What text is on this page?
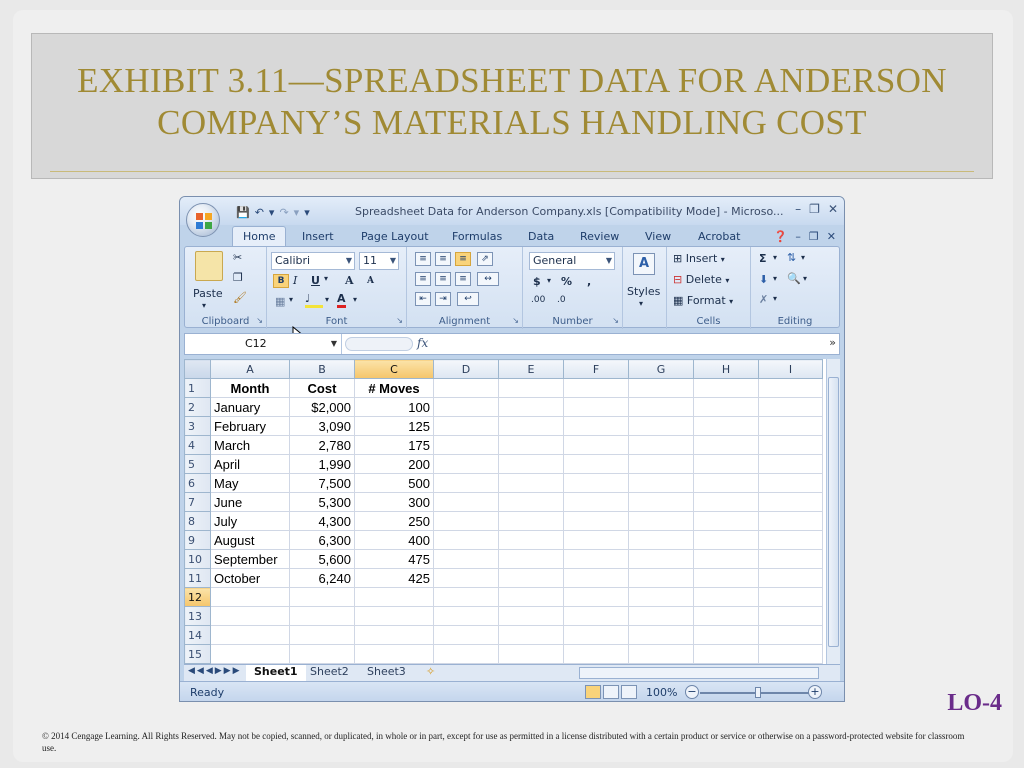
EXHIBIT 3.11—SPREADSHEET DATA FOR ANDERSON
COMPANY’S MATERIALS HANDLING COST
💾 ↶ ▾ ↷ ▾ ▾	Spreadsheet Data for Anderson Company.xls [Compatibility Mode] - Microso... – ❐ ✕
Home	Insert Page Layout Formulas Data Review View Acrobat	❓ – ❐ ✕
Paste
▾
✂
❐
🖌
Clipboard ↘
Calibri	▼	11 ▼
B I U ▾ A A
▦ ▾ ♩	▾ A ▾
Font	↘
≡	≡	≡	⇗
≡	≡	≡	↔
⇤	⇥	↩
Alignment	↘
General	▼
$ ▾ % ,
.00 .0
Number	↘
A
Styles
▾
⊞ Insert ▾
⊟ Delete ▾
▦ Format ▾
Cells
Σ ▾ ⇅ ▾
⬇ ▾ 🔍 ▾
✗ ▾
Editing
C12	▼	fx	»
	A	B	C	D	E	F	G	H	I
1	Month	Cost	# Moves						
2	January	$2,000	100						
3	February	3,090	125						
4	March	2,780	175						
5	April	1,990	200						
6	May	7,500	500						
7	June	5,300	300						
8	July	4,300	250						
9	August	6,300	400						
10	September	5,600	475						
11	October	6,240	425						
12									
13									
14									
15									
◀◀◀▶▶▶	Sheet1	Sheet2	Sheet3	✧
Ready	100% −	+	LO-4
© 2014 Cengage Learning. All Rights Reserved. May not be copied, scanned, or duplicated, in whole or in part, except for use as permitted in a license distributed with a certain product or service or otherwise on a password-protected website for classroom use.
